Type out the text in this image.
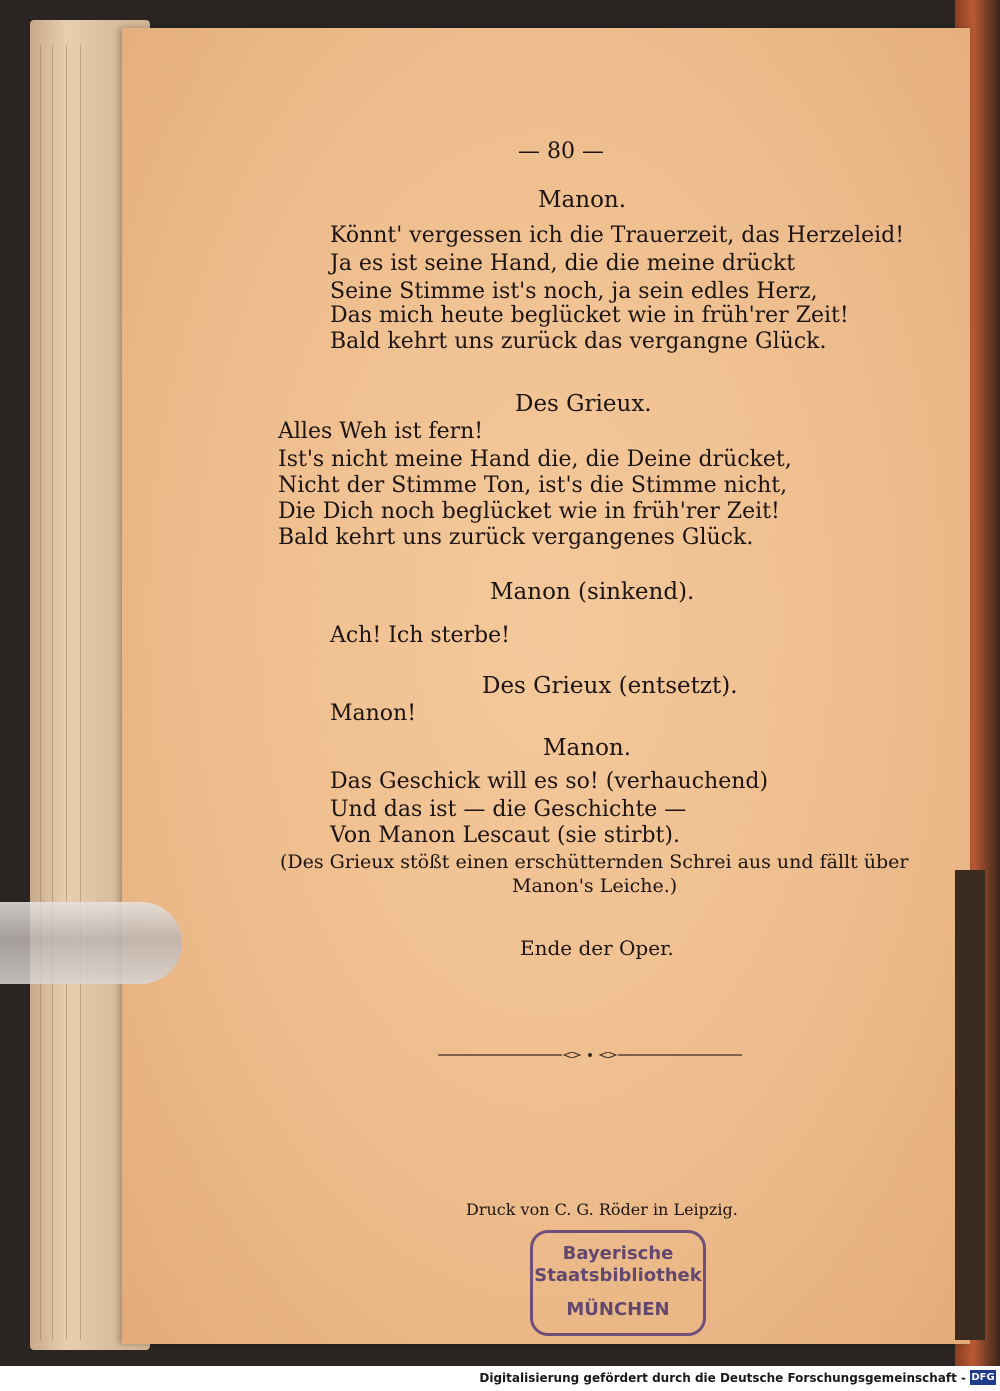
— 80 —
Manon.
Könnt' vergessen ich die Trauerzeit, das Herzeleid!
Ja es ist seine Hand, die die meine drückt
Seine Stimme ist's noch, ja sein edles Herz,
Das mich heute beglücket wie in früh'rer Zeit!
Bald kehrt uns zurück das vergangne Glück.
Des Grieux.
Alles Weh ist fern!
Ist's nicht meine Hand die, die Deine drücket,
Nicht der Stimme Ton, ist's die Stimme nicht,
Die Dich noch beglücket wie in früh'rer Zeit!
Bald kehrt uns zurück vergangenes Glück.
Manon (sinkend).
Ach! Ich sterbe!
Des Grieux (entsetzt).
Manon!
Manon.
Das Geschick will es so! (verhauchend)
Und das ist — die Geschichte —
Von Manon Lescaut (sie stirbt).
(Des Grieux stößt einen erschütternden Schrei aus und fällt über
Manon's Leiche.)
Ende der Oper.
Druck von C. G. Röder in Leipzig.
Bayerische
Staatsbibliothek
MÜNCHEN
Digitalisierung gefördert durch die Deutsche Forschungsgemeinschaft - DFG
